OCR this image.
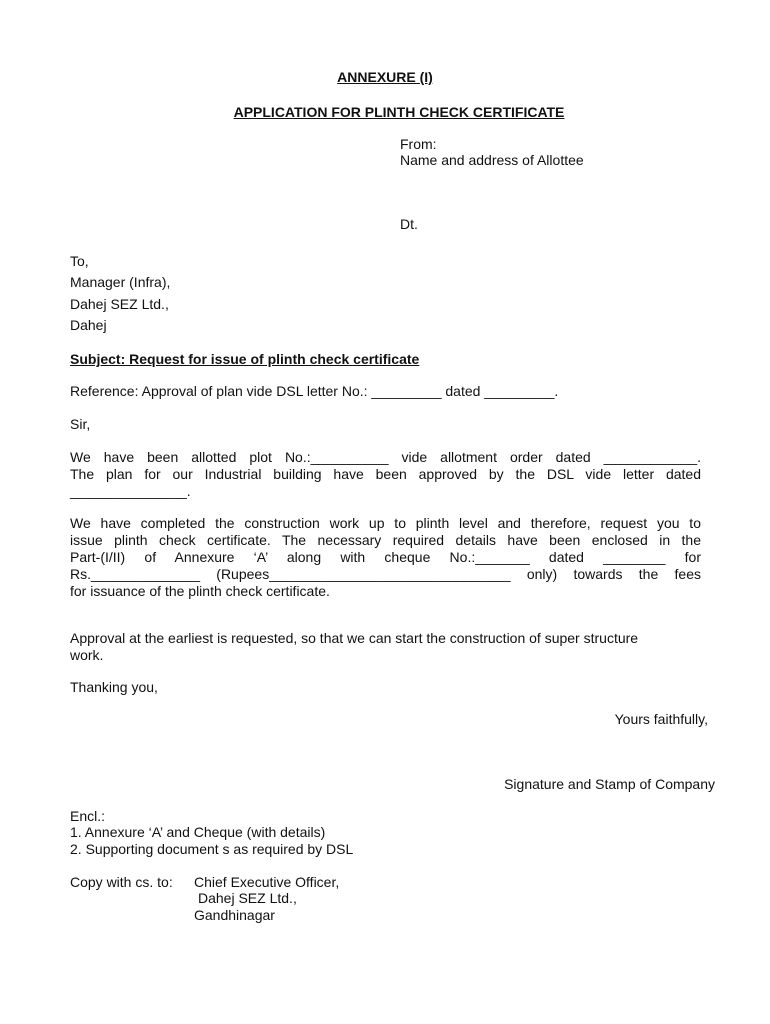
ANNEXURE (I)
APPLICATION FOR PLINTH CHECK CERTIFICATE
From:
Name and address of Allottee
Dt.
To,
Manager (Infra),
Dahej SEZ Ltd.,
Dahej
Subject: Request for issue of plinth check certificate
Reference: Approval of plan vide DSL letter No.: _________ dated _________.
Sir,
We have been allotted plot No.:__________ vide allotment order dated ____________.
The plan for our Industrial building have been approved by the DSL vide letter dated
_______________.
We have completed the construction work up to plinth level and therefore, request you to
issue plinth check certificate. The necessary required details have been enclosed in the
Part-(I/II) of Annexure ‘A’ along with cheque No.:_______ dated ________ for
Rs.______________ (Rupees_______________________________ only) towards the fees
for issuance of the plinth check certificate.
Approval at the earliest is requested, so that we can start the construction of super structure
work.
Thanking you,
Yours faithfully,
Signature and Stamp of Company
Encl.:
1. Annexure ‘A’ and Cheque (with details)
2. Supporting document s as required by DSL
Copy with cs. to: Chief Executive Officer,
Dahej SEZ Ltd.,
Gandhinagar
